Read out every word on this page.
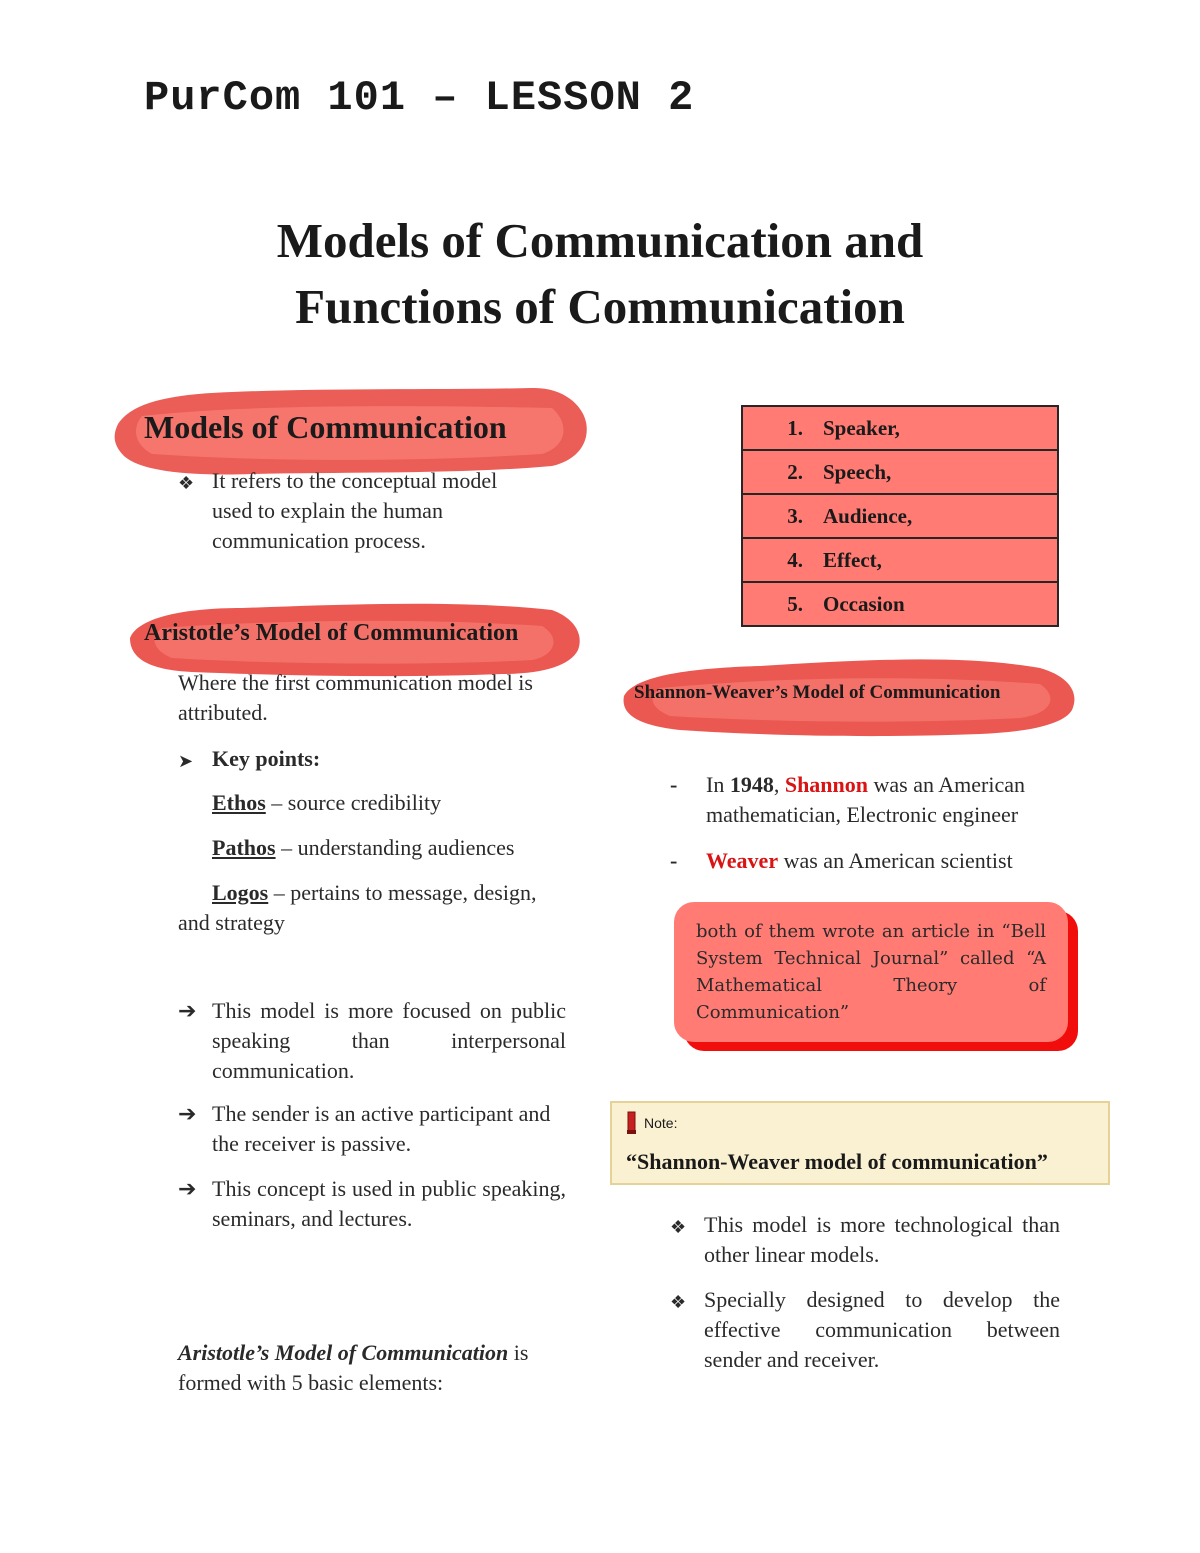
PurCom 101 – LESSON 2
Models of Communication and
Functions of Communication
Models of Communication
❖ It refers to the conceptual model used to explain the human communication process.
Aristotle’s Model of Communication
Where the first communication model is attributed.
➤ Key points:
Ethos – source credibility
Pathos – understanding audiences
Logos – pertains to message, design, and strategy
➔ This model is more focused on public speaking than interpersonal communication.
➔ The sender is an active participant and the receiver is passive.
➔ This concept is used in public speaking, seminars, and lectures.
Aristotle’s Model of Communication is
formed with 5 basic elements:
1. Speaker,
2. Speech,
3. Audience,
4. Effect,
5. Occasion
Shannon-Weaver’s Model of Communication
-	In 1948, Shannon was an American mathematician, Electronic engineer
-	Weaver was an American scientist
both of them wrote an article in “Bell System Technical Journal” called “A Mathematical Theory of Communication”
Note:
“Shannon-Weaver model of communication”
❖ This model is more technological than other linear models.
❖ Specially designed to develop the effective communication between sender and receiver.
